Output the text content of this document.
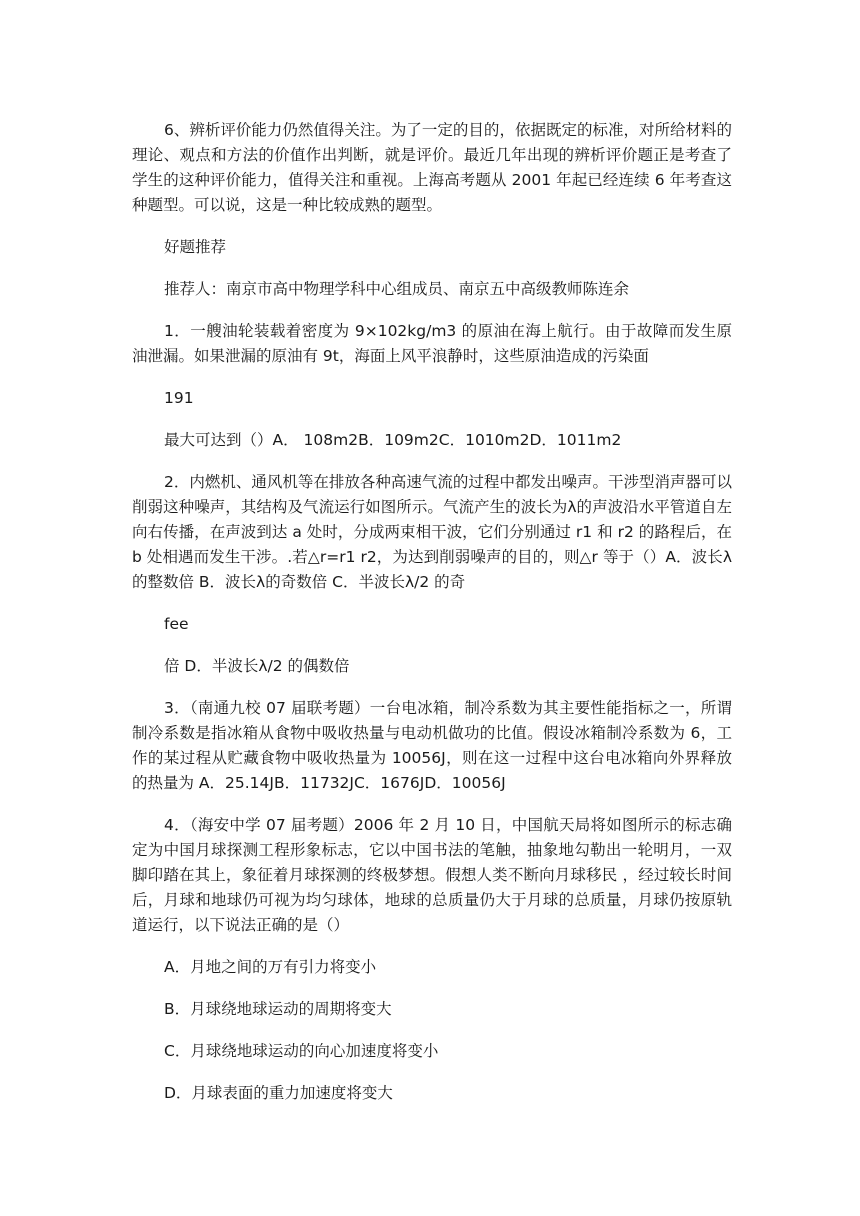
6、辨析评价能力仍然值得关注。为了一定的目的，依据既定的标准，对所给材料的理论、观点和方法的价值作出判断，就是评价。最近几年出现的辨析评价题正是考查了学生的这种评价能力，值得关注和重视。上海高考题从 2001 年起已经连续 6 年考查这种题型。可以说，这是一种比较成熟的题型。

好题推荐

推荐人：南京市高中物理学科中心组成员、南京五中高级教师陈连余

1．一艘油轮装载着密度为 9×102kg/m3 的原油在海上航行。由于故障而发生原油泄漏。如果泄漏的原油有 9t，海面上风平浪静时，这些原油造成的污染面

191

最大可达到（）A． 108m2B．109m2C．1010m2D．1011m2

2．内燃机、通风机等在排放各种高速气流的过程中都发出噪声。干涉型消声器可以削弱这种噪声，其结构及气流运行如图所示。气流产生的波长为λ的声波沿水平管道自左向右传播，在声波到达 a 处时，分成两束相干波，它们分别通过 r1 和 r2 的路程后，在 b 处相遇而发生干涉。.若△r=r1 r2，为达到削弱噪声的目的，则△r 等于（）A．波长λ的整数倍 B．波长λ的奇数倍 C．半波长λ/2 的奇

fee

倍 D．半波长λ/2 的偶数倍

3．（南通九校 07 届联考题）一台电冰箱，制冷系数为其主要性能指标之一，所谓制冷系数是指冰箱从食物中吸收热量与电动机做功的比值。假设冰箱制冷系数为 6，工作的某过程从贮藏食物中吸收热量为 10056J，则在这一过程中这台电冰箱向外界释放的热量为 A．25.14JB．11732JC．1676JD．10056J

4．（海安中学 07 届考题）2006 年 2 月 10 日，中国航天局将如图所示的标志确定为中国月球探测工程形象标志，它以中国书法的笔触，抽象地勾勒出一轮明月，一双脚印踏在其上，象征着月球探测的终极梦想。假想人类不断向月球移民 ，经过较长时间后，月球和地球仍可视为均匀球体，地球的总质量仍大于月球的总质量，月球仍按原轨道运行，以下说法正确的是（）

A．月地之间的万有引力将变小

B．月球绕地球运动的周期将变大

C．月球绕地球运动的向心加速度将变小

D．月球表面的重力加速度将变大
